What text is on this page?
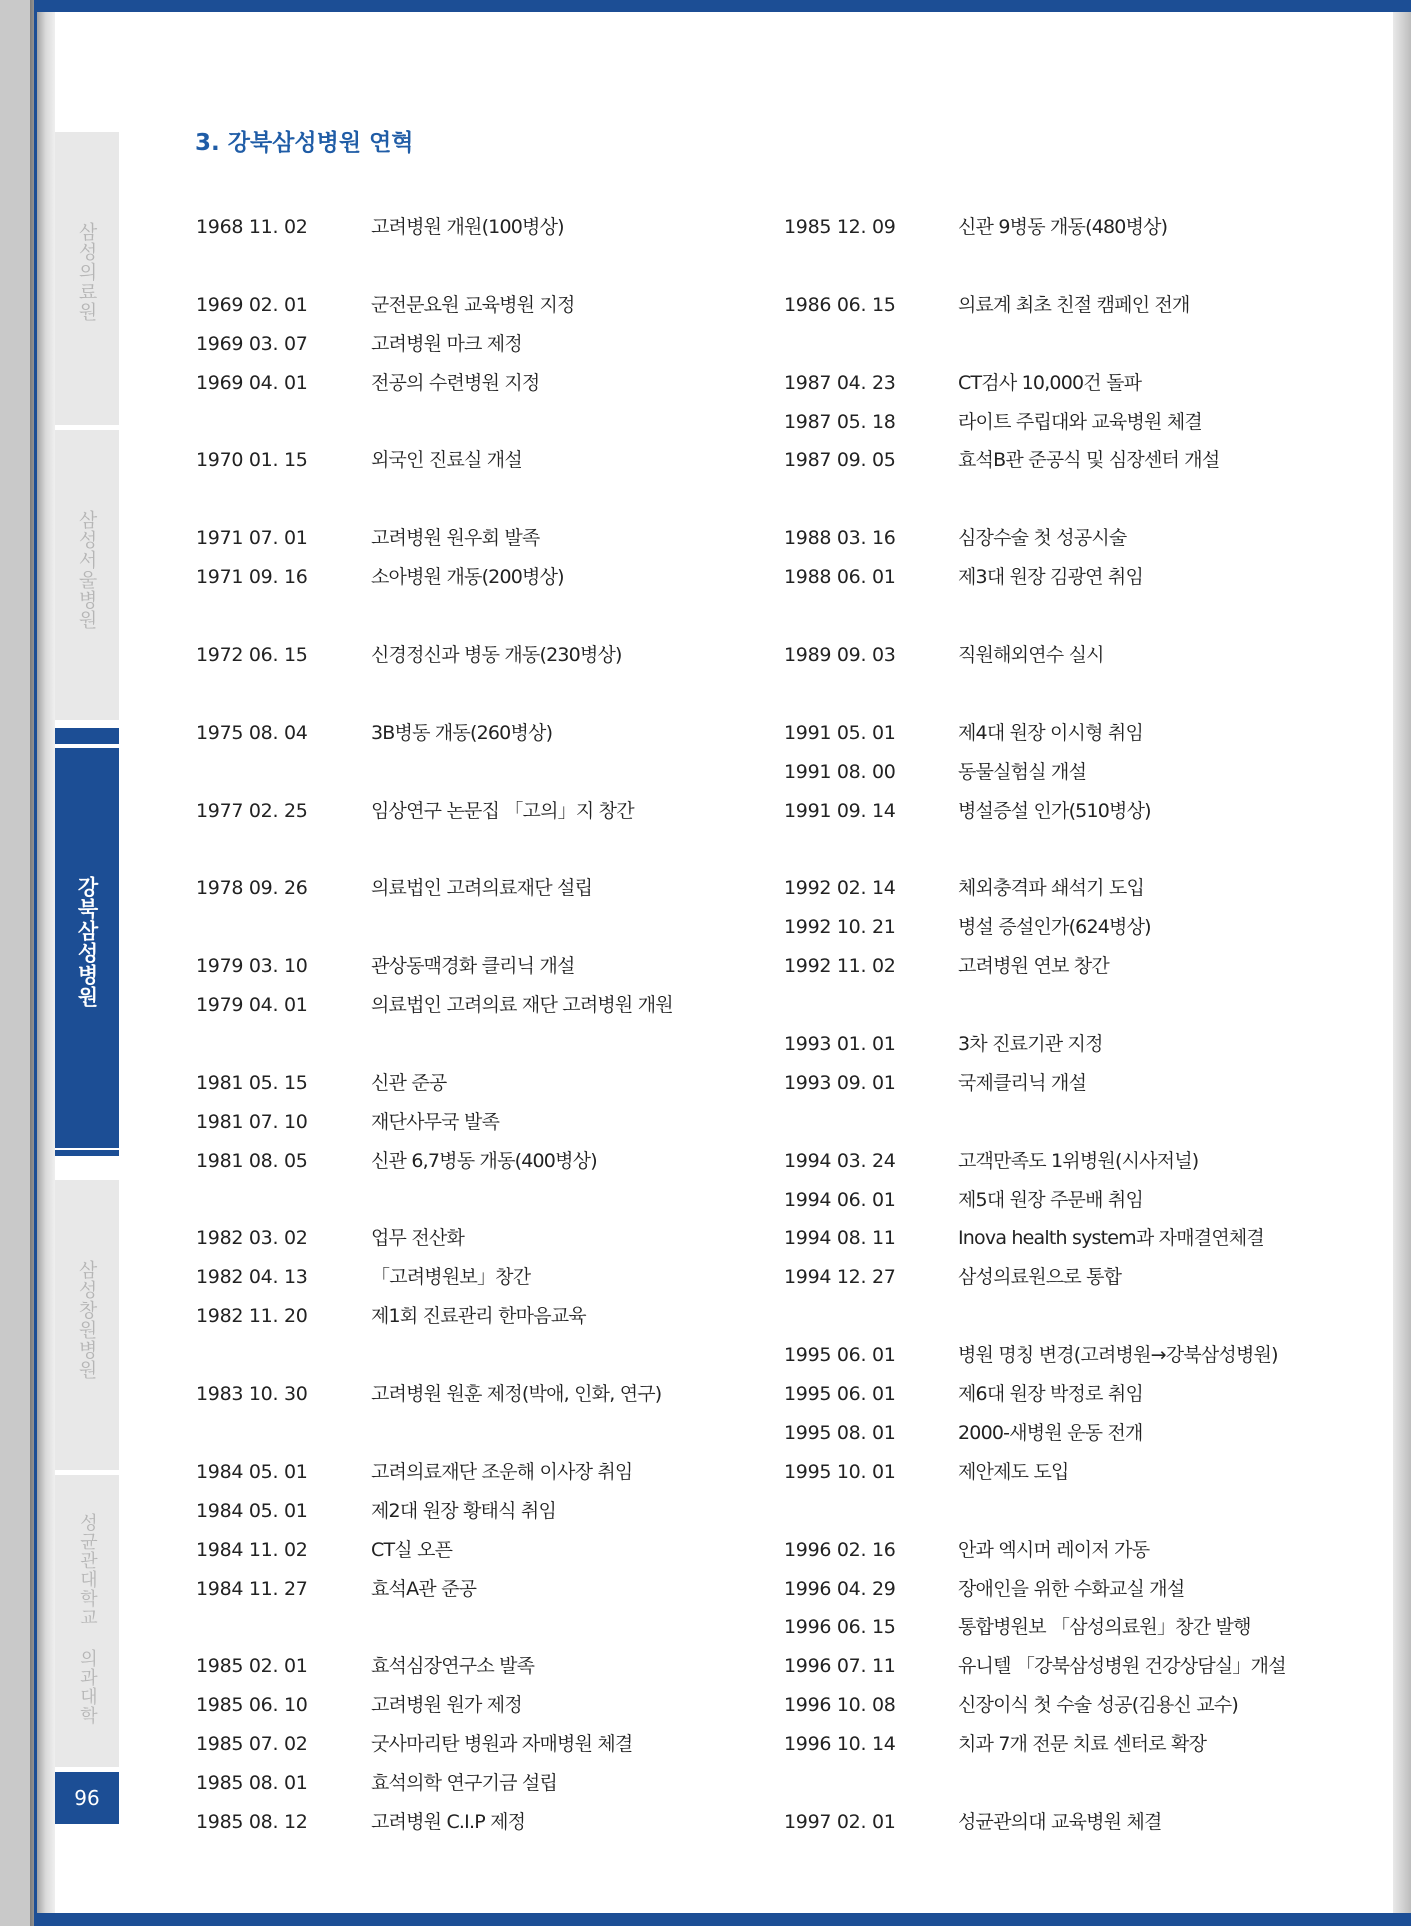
삼성의료원
삼성서울병원
강북삼성병원
삼성창원병원
성균관대학교 의과대학
96
3. 강북삼성병원 연혁
1968 11. 02	고려병원 개원(100병상)
1969 02. 01	군전문요원 교육병원 지정
1969 03. 07	고려병원 마크 제정
1969 04. 01	전공의 수련병원 지정
1970 01. 15	외국인 진료실 개설
1971 07. 01	고려병원 원우회 발족
1971 09. 16	소아병원 개동(200병상)
1972 06. 15	신경정신과 병동 개동(230병상)
1975 08. 04	3B병동 개동(260병상)
1977 02. 25	임상연구 논문집 「고의」지 창간
1978 09. 26	의료법인 고려의료재단 설립
1979 03. 10	관상동맥경화 클리닉 개설
1979 04. 01	의료법인 고려의료 재단 고려병원 개원
1981 05. 15	신관 준공
1981 07. 10	재단사무국 발족
1981 08. 05	신관 6,7병동 개동(400병상)
1982 03. 02	업무 전산화
1982 04. 13	「고려병원보」창간
1982 11. 20	제1회 진료관리 한마음교육
1983 10. 30	고려병원 원훈 제정(박애, 인화, 연구)
1984 05. 01	고려의료재단 조운해 이사장 취임
1984 05. 01	제2대 원장 황태식 취임
1984 11. 02	CT실 오픈
1984 11. 27	효석A관 준공
1985 02. 01	효석심장연구소 발족
1985 06. 10	고려병원 원가 제정
1985 07. 02	굿사마리탄 병원과 자매병원 체결
1985 08. 01	효석의학 연구기금 설립
1985 08. 12	고려병원 C.I.P 제정
1985 12. 09	신관 9병동 개동(480병상)
1986 06. 15	의료계 최초 친절 캠페인 전개
1987 04. 23	CT검사 10,000건 돌파
1987 05. 18	라이트 주립대와 교육병원 체결
1987 09. 05	효석B관 준공식 및 심장센터 개설
1988 03. 16	심장수술 첫 성공시술
1988 06. 01	제3대 원장 김광연 취임
1989 09. 03	직원해외연수 실시
1991 05. 01	제4대 원장 이시형 취임
1991 08. 00	동물실험실 개설
1991 09. 14	병설증설 인가(510병상)
1992 02. 14	체외충격파 쇄석기 도입
1992 10. 21	병설 증설인가(624병상)
1992 11. 02	고려병원 연보 창간
1993 01. 01	3차 진료기관 지정
1993 09. 01	국제클리닉 개설
1994 03. 24	고객만족도 1위병원(시사저널)
1994 06. 01	제5대 원장 주문배 취임
1994 08. 11	Inova health system과 자매결연체결
1994 12. 27	삼성의료원으로 통합
1995 06. 01	병원 명칭 변경(고려병원→강북삼성병원)
1995 06. 01	제6대 원장 박정로 취임
1995 08. 01	2000-새병원 운동 전개
1995 10. 01	제안제도 도입
1996 02. 16	안과 엑시머 레이저 가동
1996 04. 29	장애인을 위한 수화교실 개설
1996 06. 15	통합병원보 「삼성의료원」창간 발행
1996 07. 11	유니텔 「강북삼성병원 건강상담실」개설
1996 10. 08	신장이식 첫 수술 성공(김용신 교수)
1996 10. 14	치과 7개 전문 치료 센터로 확장
1997 02. 01	성균관의대 교육병원 체결
